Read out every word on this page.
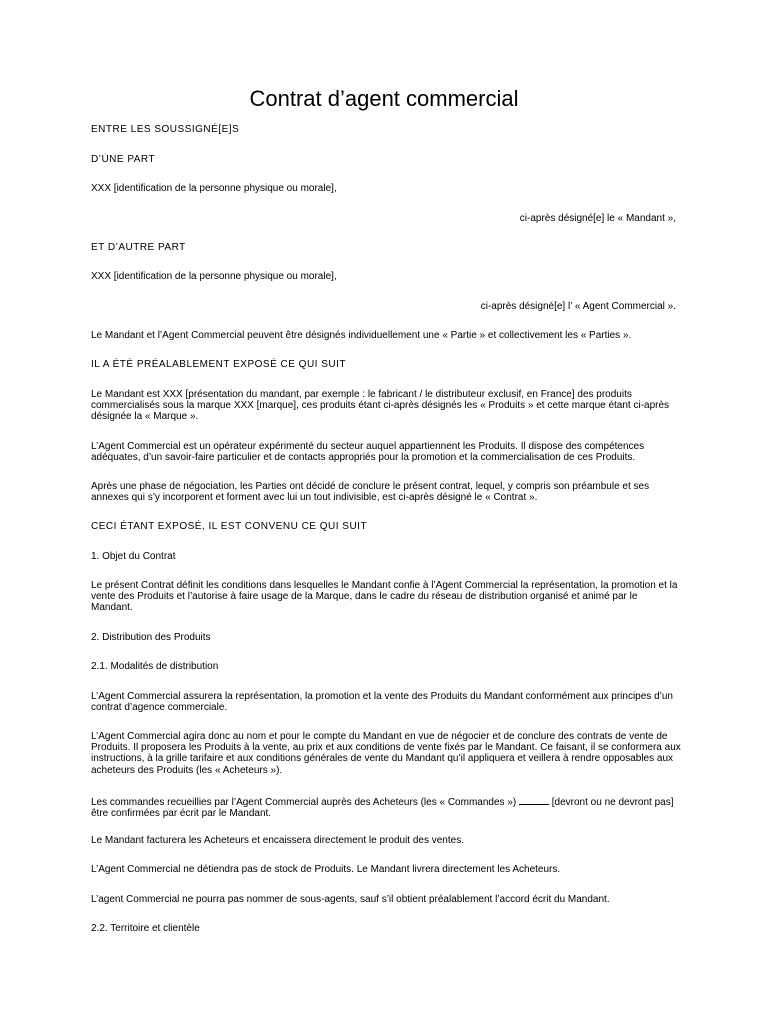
Contrat d’agent commercial

ENTRE LES SOUSSIGNÉ[E]S

D’UNE PART

XXX [identification de la personne physique ou morale],

ci-après désigné[e] le « Mandant »,

ET D’AUTRE PART

XXX [identification de la personne physique ou morale],

ci-après désigné[e] l’ « Agent Commercial ».

Le Mandant et l’Agent Commercial peuvent être désignés individuellement une « Partie » et collectivement les « Parties ».

IL A ÉTÉ PRÉALABLEMENT EXPOSÉ CE QUI SUIT

Le Mandant est XXX [présentation du mandant, par exemple : le fabricant / le distributeur exclusif, en France] des produits commercialisés sous la marque XXX [marque], ces produits étant ci-après désignés les « Produits » et cette marque étant ci-après désignée la « Marque ».

L’Agent Commercial est un opérateur expérimenté du secteur auquel appartiennent les Produits. Il dispose des compétences adéquates, d’un savoir-faire particulier et de contacts appropriés pour la promotion et la commercialisation de ces Produits.

Après une phase de négociation, les Parties ont décidé de conclure le présent contrat, lequel, y compris son préambule et ses annexes qui s’y incorporent et forment avec lui un tout indivisible, est ci-après désigné le « Contrat ».

CECI ÉTANT EXPOSÉ, IL EST CONVENU CE QUI SUIT

1. Objet du Contrat

Le présent Contrat définit les conditions dans lesquelles le Mandant confie à l’Agent Commercial la représentation, la promotion et la vente des Produits et l’autorise à faire usage de la Marque, dans le cadre du réseau de distribution organisé et animé par le Mandant.

2. Distribution des Produits

2.1. Modalités de distribution

L’Agent Commercial assurera la représentation, la promotion et la vente des Produits du Mandant conformément aux principes d’un contrat d’agence commerciale.

L’Agent Commercial agira donc au nom et pour le compte du Mandant en vue de négocier et de conclure des contrats de vente de Produits. Il proposera les Produits à la vente, au prix et aux conditions de vente fixés par le Mandant. Ce faisant, il se conformera aux instructions, à la grille tarifaire et aux conditions générales de vente du Mandant qu’il appliquera et veillera à rendre opposables aux acheteurs des Produits (les « Acheteurs »).

Les commandes recueillies par l’Agent Commercial auprès des Acheteurs (les « Commandes »)	[devront ou ne devront pas] être confirmées par écrit par le Mandant.

Le Mandant facturera les Acheteurs et encaissera directement le produit des ventes.

L’Agent Commercial ne détiendra pas de stock de Produits. Le Mandant livrera directement les Acheteurs.

L’agent Commercial ne pourra pas nommer de sous-agents, sauf s’il obtient préalablement l’accord écrit du Mandant.

2.2. Territoire et clientèle
